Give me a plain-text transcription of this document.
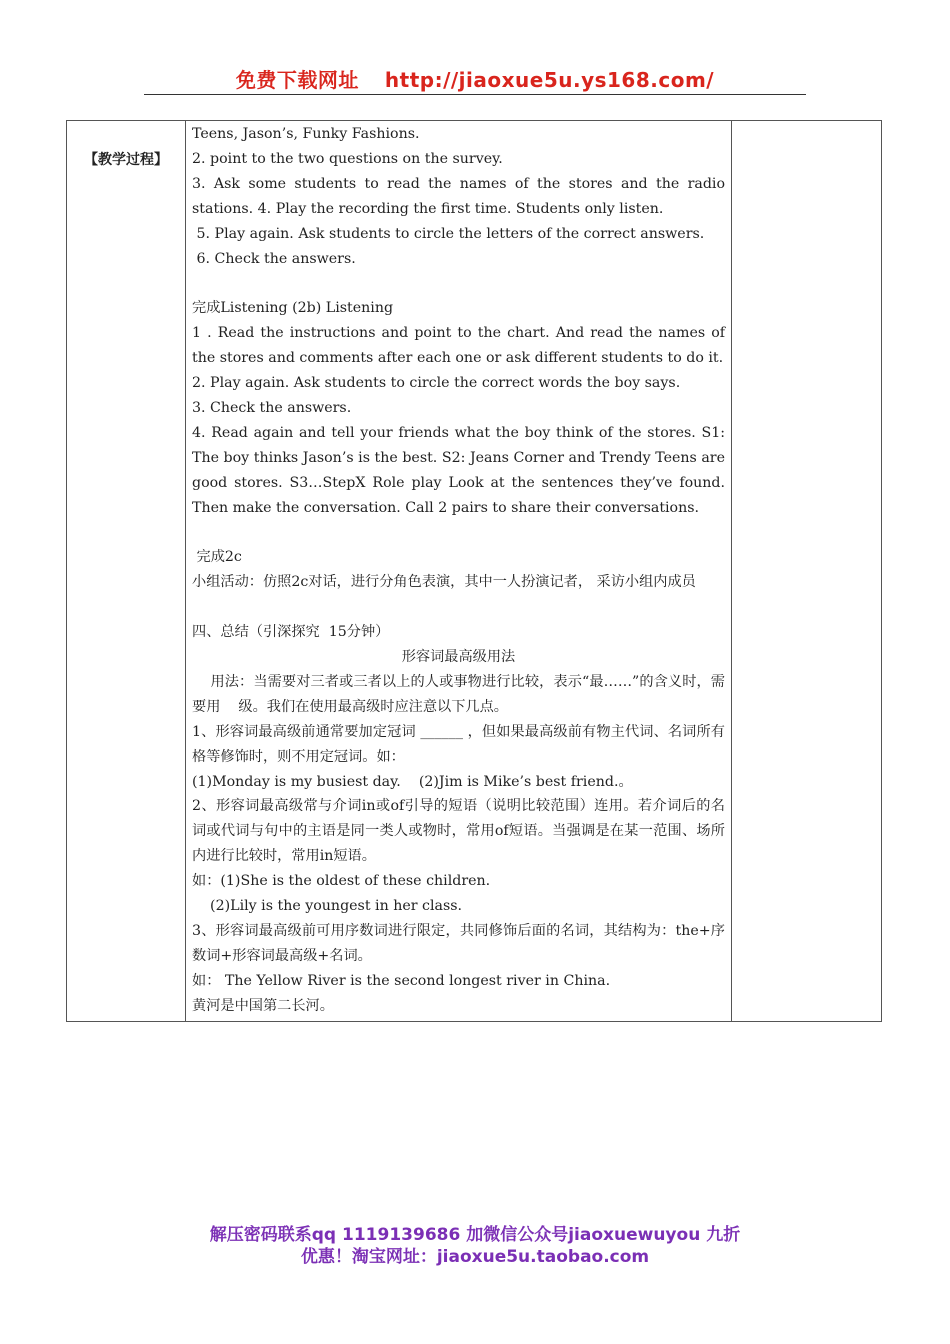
免费下载网址 http://jiaoxue5u.ys168.com/
【教学过程】

Teens, Jason’s, Funky Fashions.

2. point to the two questions on the survey.

3. Ask some students to read the names of the stores and the radio stations. 4. Play the recording the first time. Students only listen.

5. Play again. Ask students to circle the letters of the correct answers.

6. Check the answers.

完成Listening (2b) Listening

1 . Read the instructions and point to the chart. And read the names of the stores and comments after each one or ask different students to do it.

2. Play again. Ask students to circle the correct words the boy says.

3. Check the answers.

4. Read again and tell your friends what the boy think of the stores. S1: The boy thinks Jason’s is the best. S2: Jeans Corner and Trendy Teens are good stores. S3…StepX Role play Look at the sentences they’ve found. Then make the conversation. Call 2 pairs to share their conversations.

完成2c

小组活动：仿照2c对话，进行分角色表演，其中一人扮演记者， 采访小组内成员

四、总结（引深探究  15分钟）

形容词最高级用法

用法：当需要对三者或三者以上的人或事物进行比较，表示“最……”的含义时，需要用    级。我们在使用最高级时应注意以下几点。

1、形容词最高级前通常要加定冠词 ______ ，但如果最高级前有物主代词、名词所有格等修饰时，则不用定冠词。如：

(1)Monday is my busiest day.    (2)Jim is Mike’s best friend.。

2、形容词最高级常与介词in或of引导的短语（说明比较范围）连用。若介词后的名词或代词与句中的主语是同一类人或物时，常用of短语。当强调是在某一范围、场所内进行比较时，常用in短语。

如：(1)She is the oldest of these children.

(2)Lily is the youngest in her class.

3、形容词最高级前可用序数词进行限定，共同修饰后面的名词，其结构为：the+序数词+形容词最高级+名词。

如： The Yellow River is the second longest river in China.

黄河是中国第二长河。

解压密码联系qq 1119139686 加微信公众号jiaoxuewuyou 九折
优惠！淘宝网址：jiaoxue5u.taobao.com
